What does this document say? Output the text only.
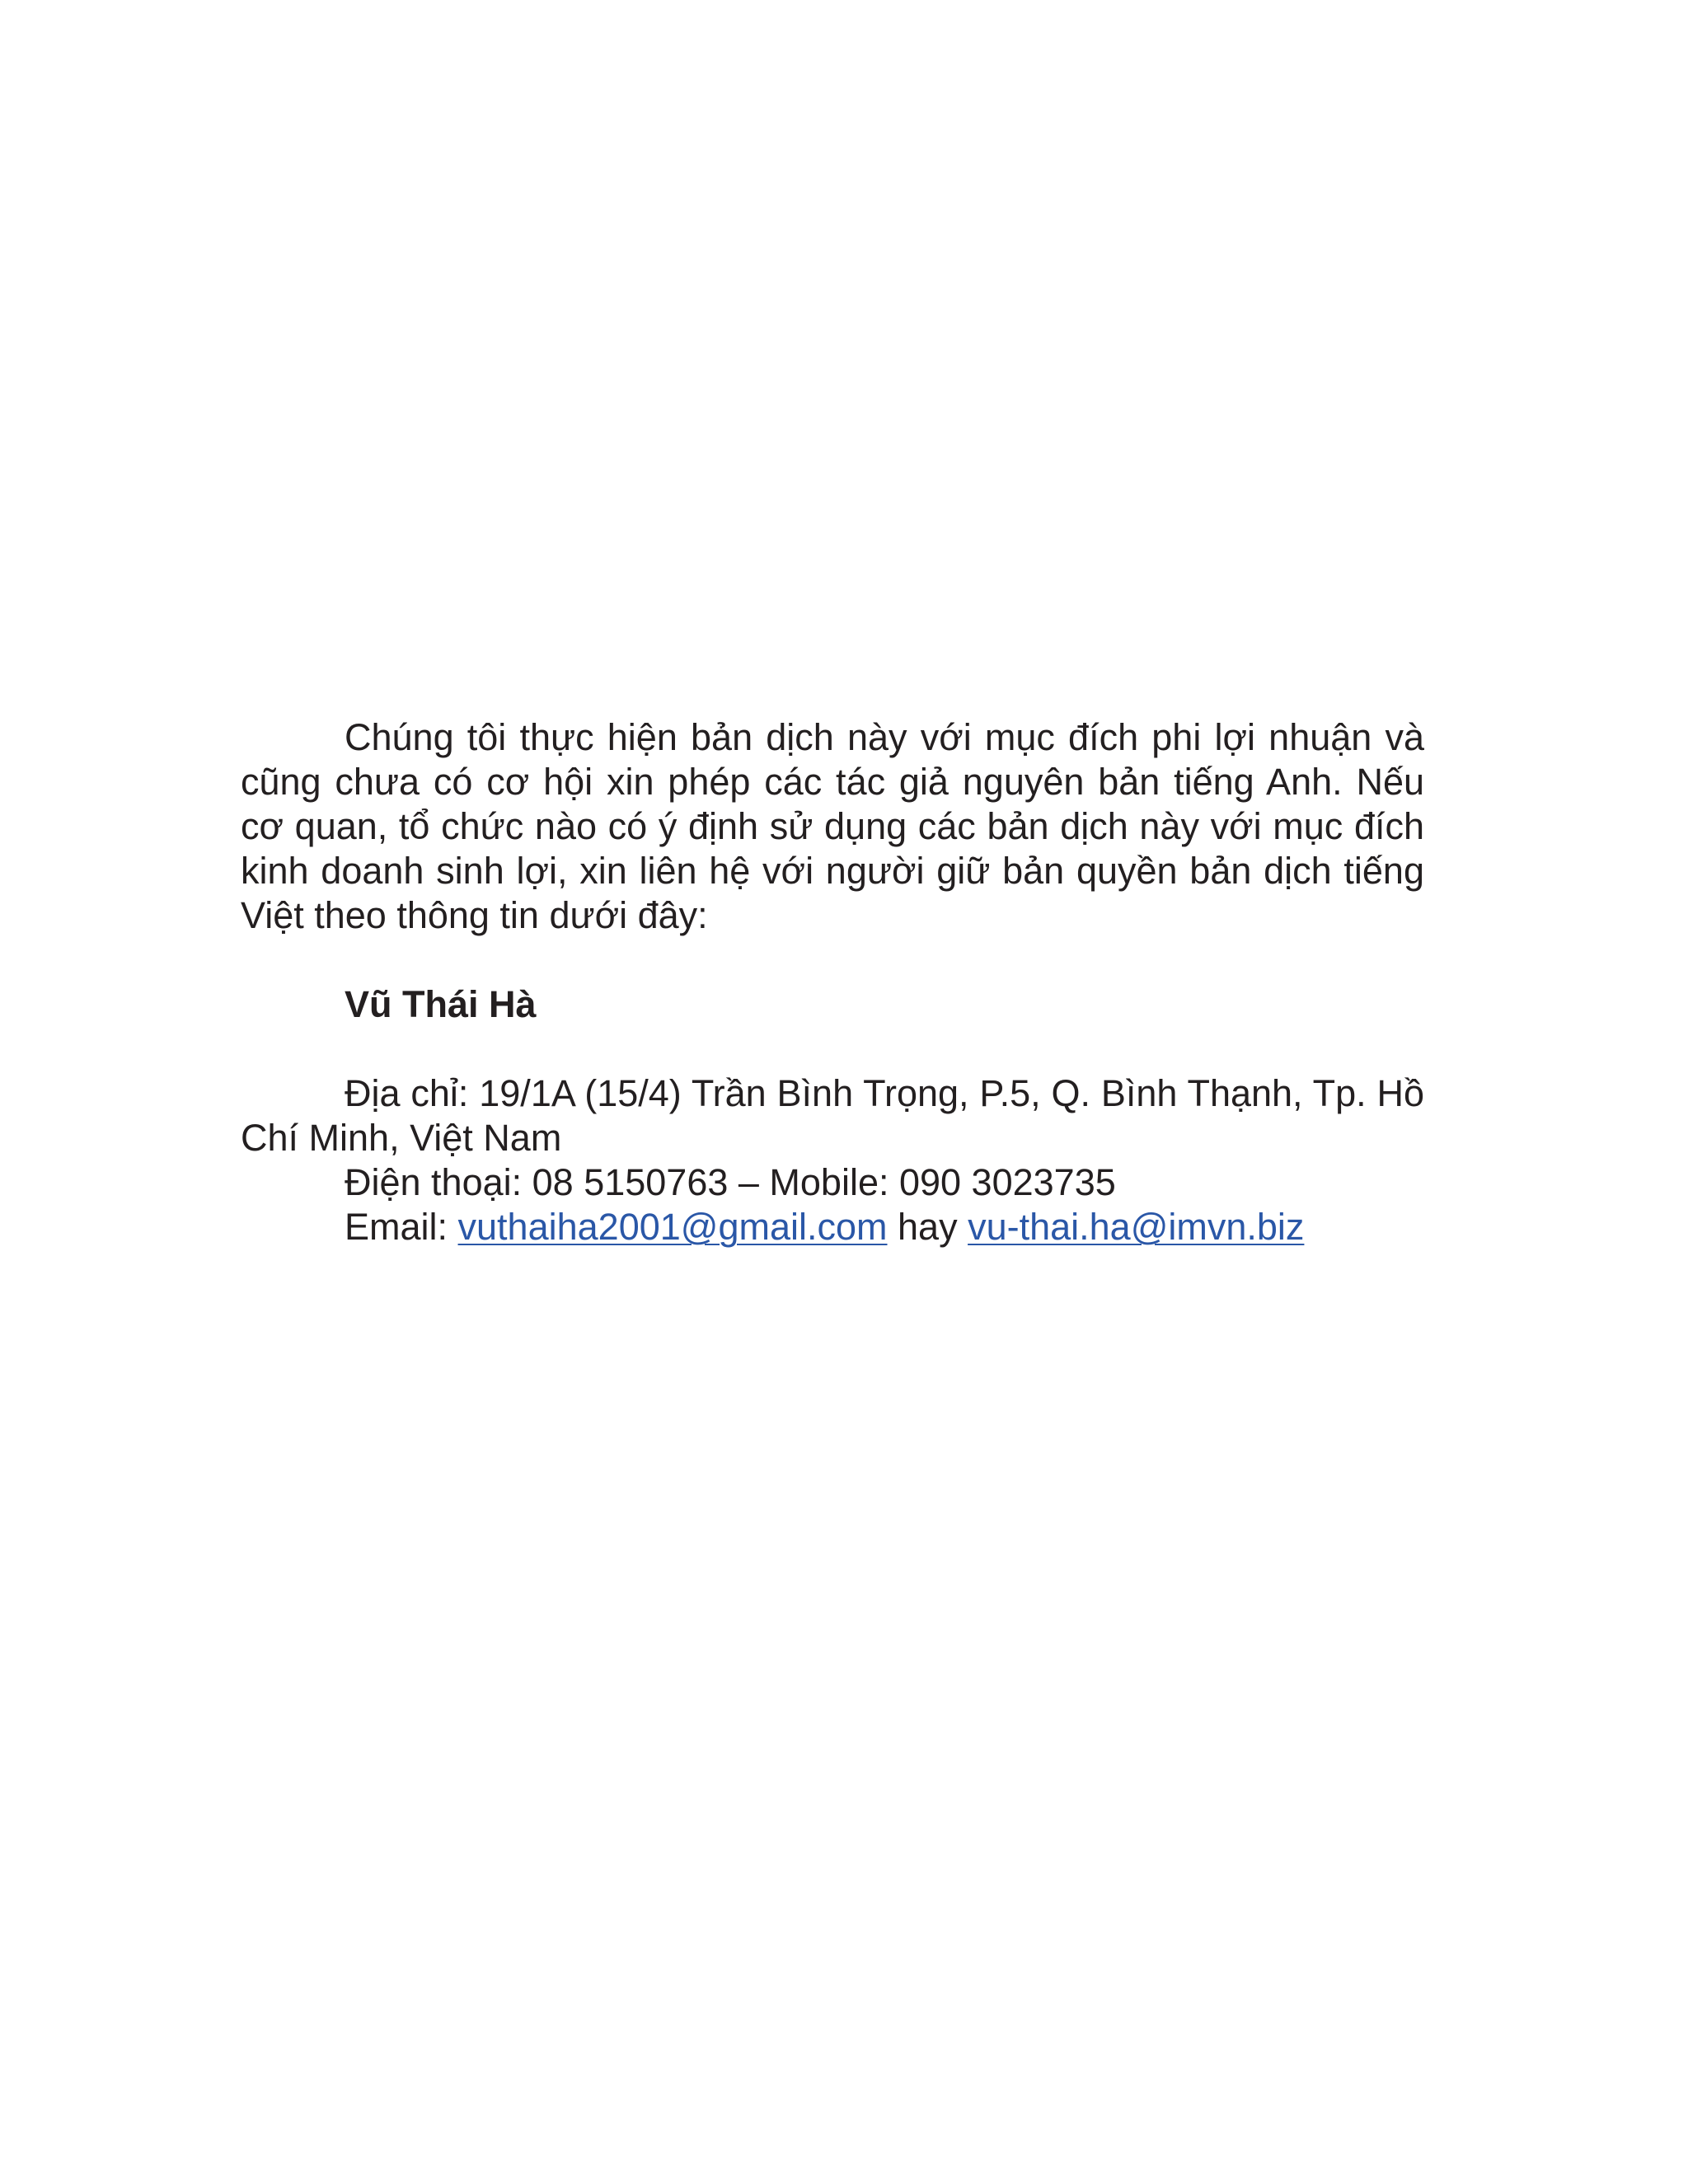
Chúng tôi thực hiện bản dịch này với mục đích phi lợi nhuận và cũng chưa có cơ hội xin phép các tác giả nguyên bản tiếng Anh. Nếu cơ quan, tổ chức nào có ý định sử dụng các bản dịch này với mục đích kinh doanh sinh lợi, xin liên hệ với người giữ bản quyền bản dịch tiếng Việt theo thông tin dưới đây:

Vũ Thái Hà

Địa chỉ: 19/1A (15/4) Trần Bình Trọng, P.5, Q. Bình Thạnh, Tp. Hồ Chí Minh, Việt Nam

Điện thoại: 08 5150763 – Mobile: 090 3023735

Email: vuthaiha2001@gmail.com hay vu-thai.ha@imvn.biz
